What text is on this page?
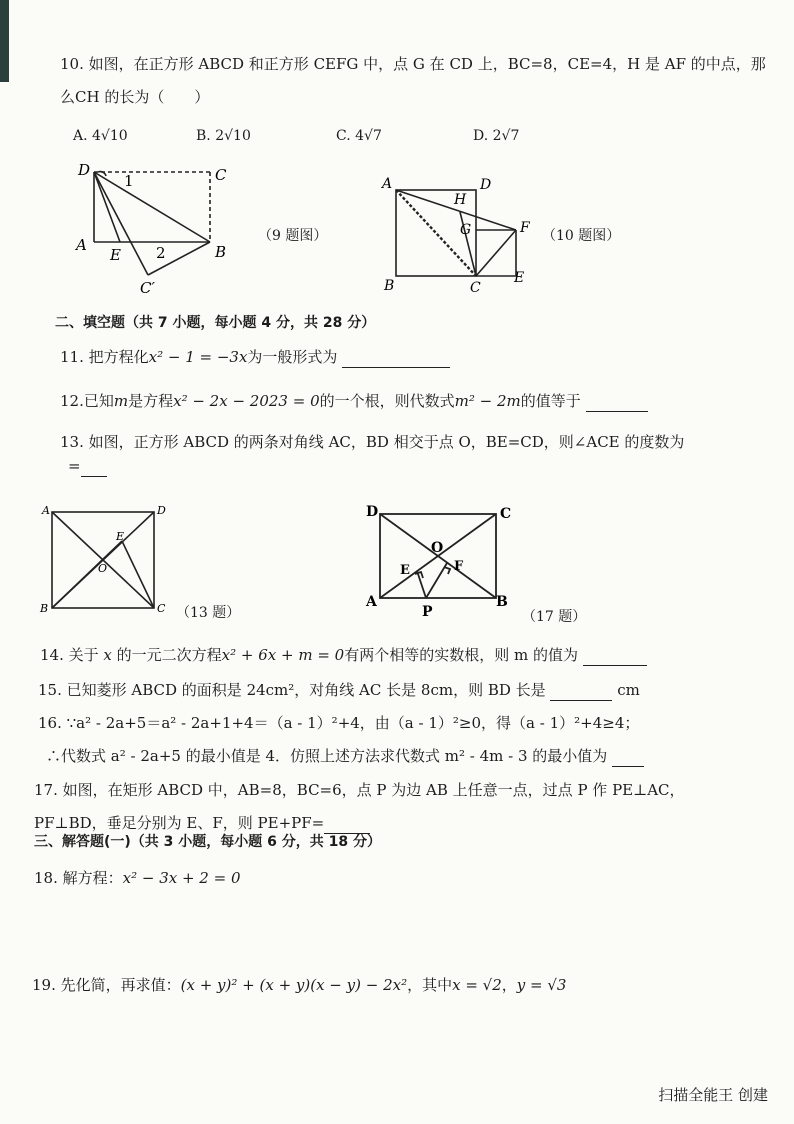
10. 如图，在正方形 ABCD 和正方形 CEFG 中，点 G 在 CD 上，BC=8，CE=4，H 是 AF 的中点，那
么CH 的长为（　　）
A. 4√10	B. 2√10	C. 4√7	D. 2√7
D	C
A
E	B
C′
1
2
（9 题图）
A	D
H
G	F
B	C
E
（10 题图）
二、填空题（共 7 小题，每小题 4 分，共 28 分）
11. 把方程化x² − 1 = −3x为一般形式为
12.已知m是方程x² − 2x − 2023 = 0的一个根，则代数式m² − 2m的值等于
13. 如图，正方形 ABCD 的两条对角线 AC，BD 相交于点 O，BE=CD，则∠ACE 的度数为
=
A	D
E
O
B	C （13 题）
D	C
O
E	F
A
P
B
（17 题）
14. 关于 x 的一元二次方程x² + 6x + m = 0有两个相等的实数根，则 m 的值为
15. 已知菱形 ABCD 的面积是 24cm²，对角线 AC 长是 8cm，则 BD 长是	cm
16. ∵a² - 2a+5＝a² - 2a+1+4＝（a - 1）²+4，由（a - 1）²≥0，得（a - 1）²+4≥4；
∴代数式 a² - 2a+5 的最小值是 4．仿照上述方法求代数式 m² - 4m - 3 的最小值为
17. 如图，在矩形 ABCD 中，AB=8，BC=6，点 P 为边 AB 上任意一点，过点 P 作 PE⊥AC，
PF⊥BD，垂足分别为 E、F，则 PE+PF=
三、解答题(一)（共 3 小题，每小题 6 分，共 18 分）
18. 解方程：x² − 3x + 2 = 0
19. 先化简，再求值：(x + y)² + (x + y)(x − y) − 2x²，其中x = √2，y = √3
扫描全能王 创建
